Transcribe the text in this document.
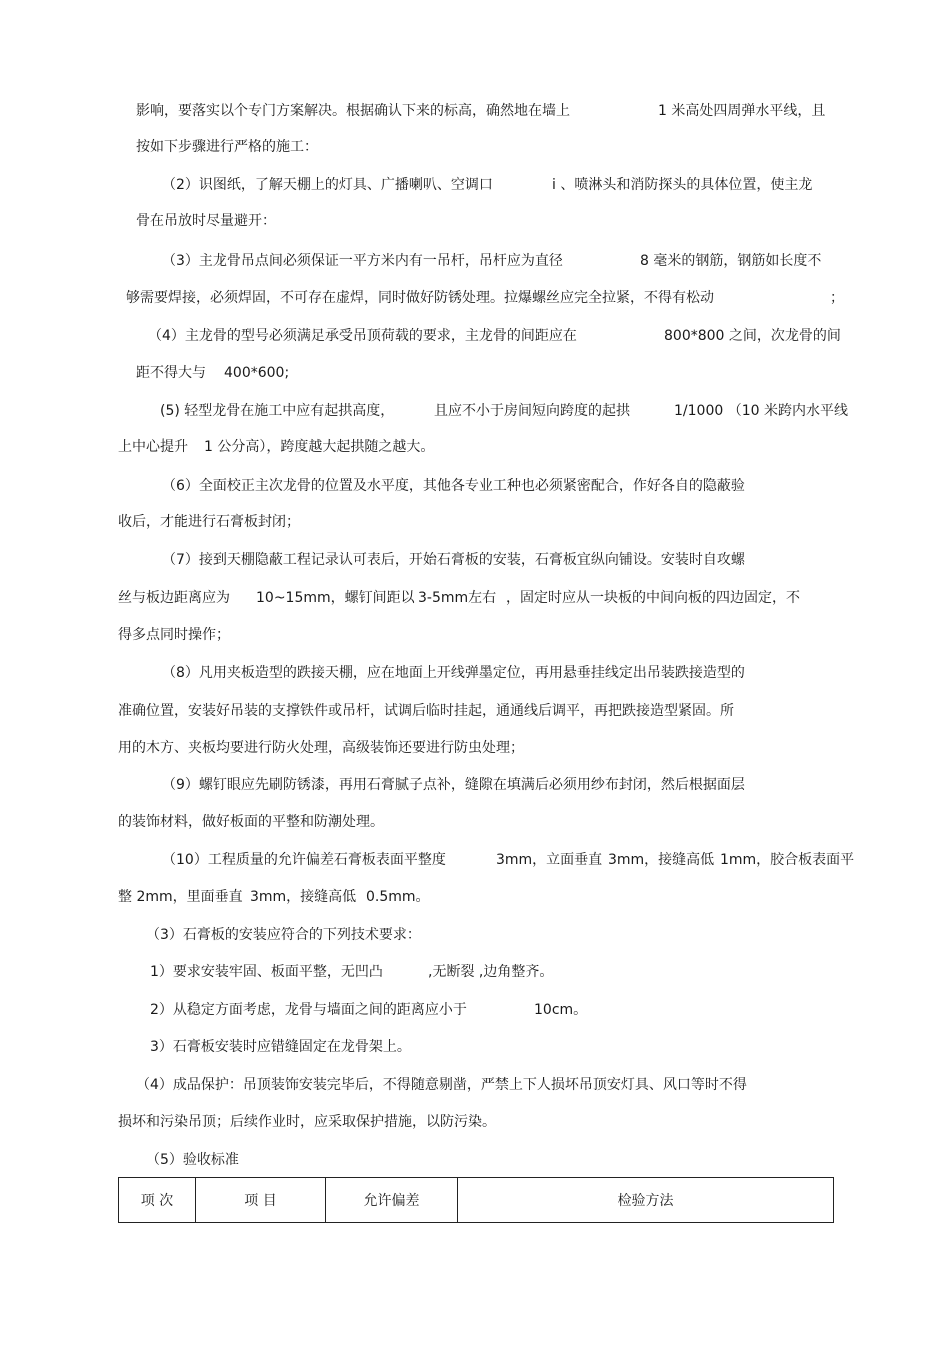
影响，要落实以个专门方案解决。根据确认下来的标高，确然地在墙上	1 米高处四周弹水平线，且
按如下步骤进行严格的施工：
（2）识图纸，了解天棚上的灯具、广播喇叭、空调口	i 、喷淋头和消防探头的具体位置，使主龙
骨在吊放时尽量避开：
（3）主龙骨吊点间必须保证一平方米内有一吊杆，吊杆应为直径	8 毫米的钢筋，钢筋如长度不
够需要焊接，必须焊固，不可存在虚焊，同时做好防锈处理。拉爆螺丝应完全拉紧，不得有松动	；
（4）主龙骨的型号必须满足承受吊顶荷载的要求，主龙骨的间距应在	800*800 之间，次龙骨的间
距不得大与 400*600;
(5) 轻型龙骨在施工中应有起拱高度，	且应不小于房间短向跨度的起拱	1/1000 （10 米跨内水平线
上中心提升 1 公分高），跨度越大起拱随之越大。
（6）全面校正主次龙骨的位置及水平度，其他各专业工种也必须紧密配合，作好各自的隐蔽验
收后，才能进行石膏板封闭；
（7）接到天棚隐蔽工程记录认可表后，开始石膏板的安装，石膏板宜纵向铺设。安装时自攻螺
丝与板边距离应为 10~15mm，螺钉间距以 3-5mm左右 ，固定时应从一块板的中间向板的四边固定，不
得多点同时操作；
（8）凡用夹板造型的跌接天棚，应在地面上开线弹墨定位，再用悬垂挂线定出吊装跌接造型的
准确位置，安装好吊装的支撑铁件或吊杆，试调后临时挂起，通通线后调平，再把跌接造型紧固。所
用的木方、夹板均要进行防火处理，高级装饰还要进行防虫处理；
（9）螺钉眼应先刷防锈漆，再用石膏腻子点补，缝隙在填满后必须用纱布封闭，然后根据面层
的装饰材料，做好板面的平整和防潮处理。
（10）工程质量的允许偏差石膏板表面平整度	3mm，立面垂直 3mm，接缝高低 1mm，胶合板表面平
整 2mm，里面垂直 3mm，接缝高低 0.5mm。
（3）石膏板的安装应符合的下列技术要求：
1）要求安装牢固、板面平整，无凹凸	,无断裂 ,边角整齐。
2）从稳定方面考虑，龙骨与墙面之间的距离应小于	10cm。
3）石膏板安装时应错缝固定在龙骨架上。
（4）成品保护：吊顶装饰安装完毕后，不得随意剔凿，严禁上下人损坏吊顶安灯具、风口等时不得
损坏和污染吊顶；后续作业时，应采取保护措施，以防污染。
（5）验收标准
项 次	项 目	允许偏差	检验方法
